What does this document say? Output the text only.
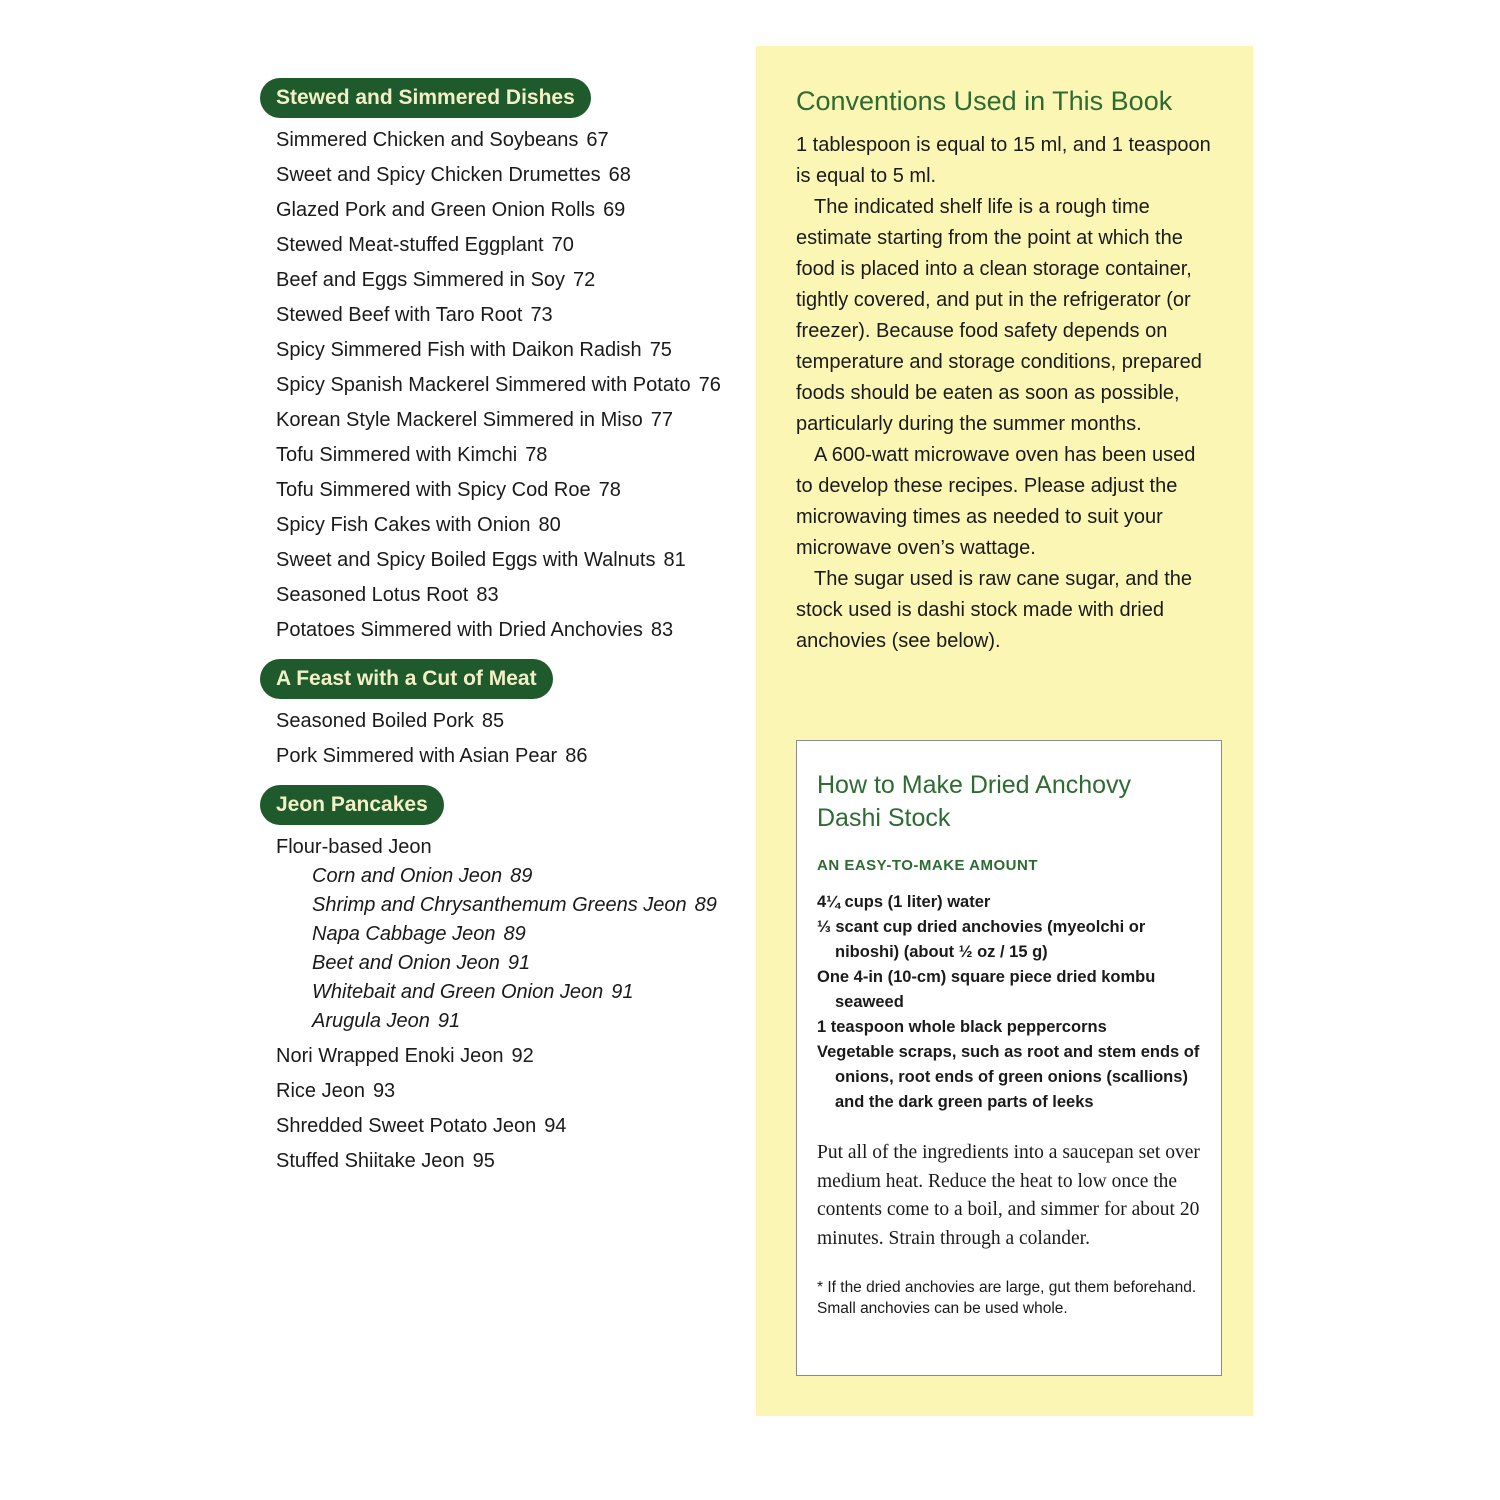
Stewed and Simmered Dishes
Simmered Chicken and Soybeans 67
Sweet and Spicy Chicken Drumettes 68
Glazed Pork and Green Onion Rolls 69
Stewed Meat-stuffed Eggplant 70
Beef and Eggs Simmered in Soy 72
Stewed Beef with Taro Root 73
Spicy Simmered Fish with Daikon Radish 75
Spicy Spanish Mackerel Simmered with Potato 76
Korean Style Mackerel Simmered in Miso 77
Tofu Simmered with Kimchi 78
Tofu Simmered with Spicy Cod Roe 78
Spicy Fish Cakes with Onion 80
Sweet and Spicy Boiled Eggs with Walnuts 81
Seasoned Lotus Root 83
Potatoes Simmered with Dried Anchovies 83
A Feast with a Cut of Meat
Seasoned Boiled Pork 85
Pork Simmered with Asian Pear 86
Jeon Pancakes
Flour-based Jeon
Corn and Onion Jeon 89
Shrimp and Chrysanthemum Greens Jeon 89
Napa Cabbage Jeon 89
Beet and Onion Jeon 91
Whitebait and Green Onion Jeon 91
Arugula Jeon 91
Nori Wrapped Enoki Jeon 92
Rice Jeon 93
Shredded Sweet Potato Jeon 94
Stuffed Shiitake Jeon 95
Conventions Used in This Book

1 tablespoon is equal to 15 ml, and 1 teaspoon is equal to 5 ml.

The indicated shelf life is a rough time estimate starting from the point at which the food is placed into a clean storage container, tightly covered, and put in the refrigerator (or freezer). Because food safety depends on temperature and storage conditions, prepared foods should be eaten as soon as possible, particularly during the summer months.

A 600-watt microwave oven has been used to develop these recipes. Please adjust the microwaving times as needed to suit your microwave oven’s wattage.

The sugar used is raw cane sugar, and the stock used is dashi stock made with dried anchovies (see below).

How to Make Dried Anchovy Dashi Stock
AN EASY-TO-MAKE AMOUNT
4¼ cups (1 liter) water
⅓ scant cup dried anchovies (myeolchi or niboshi) (about ½ oz / 15 g)
One 4-in (10-cm) square piece dried kombu seaweed
1 teaspoon whole black peppercorns
Vegetable scraps, such as root and stem ends of onions, root ends of green onions (scallions) and the dark green parts of leeks

Put all of the ingredients into a saucepan set over medium heat. Reduce the heat to low once the contents come to a boil, and simmer for about 20 minutes. Strain through a colander.

* If the dried anchovies are large, gut them beforehand. Small anchovies can be used whole.
